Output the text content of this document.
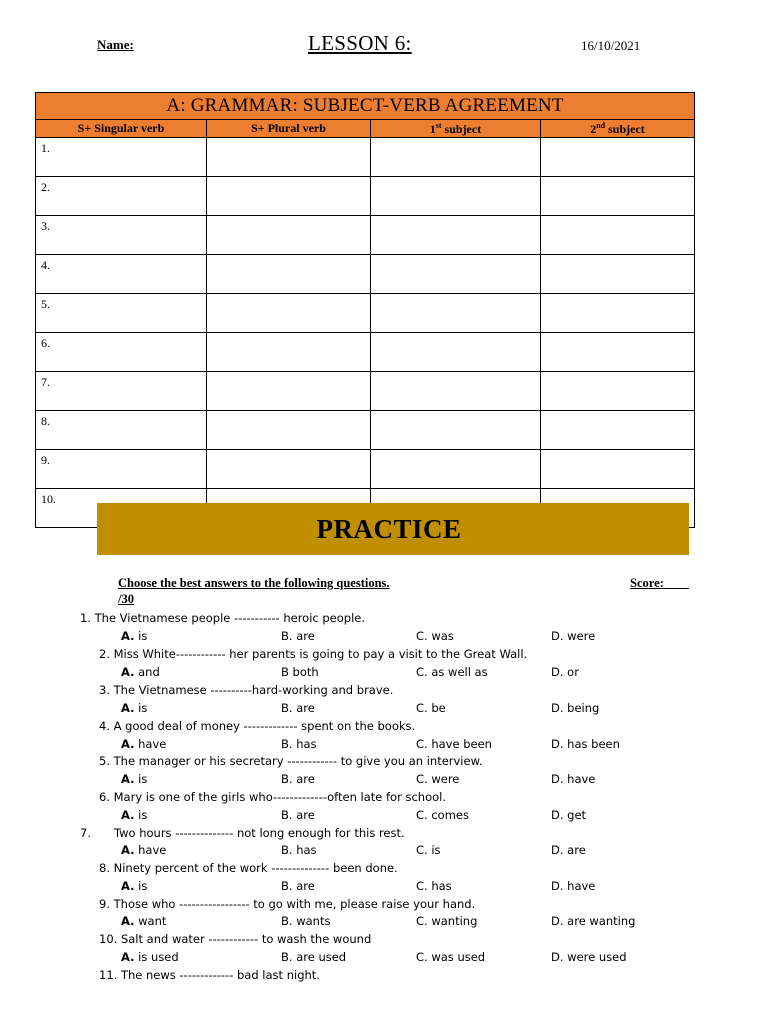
Name:	LESSON 6:	16/10/2021
A: GRAMMAR: SUBJECT-VERB AGREEMENT			
S+ Singular verb	S+ Plural verb	1st subject	2nd subject
1.			
2.			
3.			
4.			
5.			
6.			
7.			
8.			
9.			
10.			
PRACTICE
Choose the best answers to the following questions.	Score:
/30
1. The Vietnamese people ----------- heroic people.
A. is	B. are	C. was	D. were
2. Miss White------------ her parents is going to pay a visit to the Great Wall.
A. and	B both	C. as well as	D. or
3. The Vietnamese ----------hard-working and brave.
A. is	B. are	C. be	D. being
4. A good deal of money ------------- spent on the books.
A. have	B. has	C. have been	D. has been
5. The manager or his secretary ------------ to give you an interview.
A. is	B. are	C. were	D. have
6. Mary is one of the girls who-------------often late for school.
A. is	B. are	C. comes	D. get
7. Two hours -------------- not long enough for this rest.
A. have	B. has	C. is	D. are
8. Ninety percent of the work -------------- been done.
A. is	B. are	C. has	D. have
9. Those who ----------------- to go with me, please raise your hand.
A. want	B. wants	C. wanting	D. are wanting
10. Salt and water ------------ to wash the wound
A. is used	B. are used	C. was used	D. were used
11. The news ------------- bad last night.
